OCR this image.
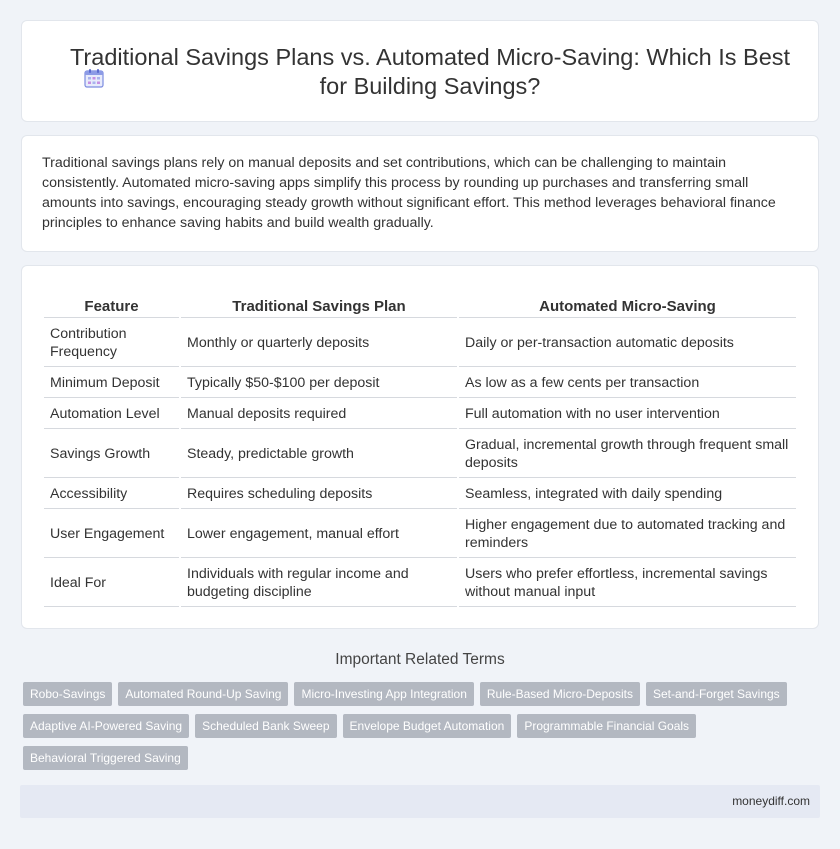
Traditional Savings Plans vs. Automated Micro-Saving: Which Is Best for Building Savings?

Traditional savings plans rely on manual deposits and set contributions, which can be challenging to maintain consistently. Automated micro-saving apps simplify this process by rounding up purchases and transferring small amounts into savings, encouraging steady growth without significant effort. This method leverages behavioral finance principles to enhance saving habits and build wealth gradually.

Feature	Traditional Savings Plan	Automated Micro-Saving
Contribution Frequency	Monthly or quarterly deposits	Daily or per-transaction automatic deposits
Minimum Deposit	Typically $50-$100 per deposit	As low as a few cents per transaction
Automation Level	Manual deposits required	Full automation with no user intervention
Savings Growth	Steady, predictable growth	Gradual, incremental growth through frequent small deposits
Accessibility	Requires scheduling deposits	Seamless, integrated with daily spending
User Engagement	Lower engagement, manual effort	Higher engagement due to automated tracking and reminders
Ideal For	Individuals with regular income and budgeting discipline	Users who prefer effortless, incremental savings without manual input
Important Related Terms
Robo-Savings	Automated Round-Up Saving	Micro-Investing App Integration	Rule-Based Micro-Deposits	Set-and-Forget Savings
Adaptive AI-Powered Saving	Scheduled Bank Sweep	Envelope Budget Automation	Programmable Financial Goals
Behavioral Triggered Saving
moneydiff.com
